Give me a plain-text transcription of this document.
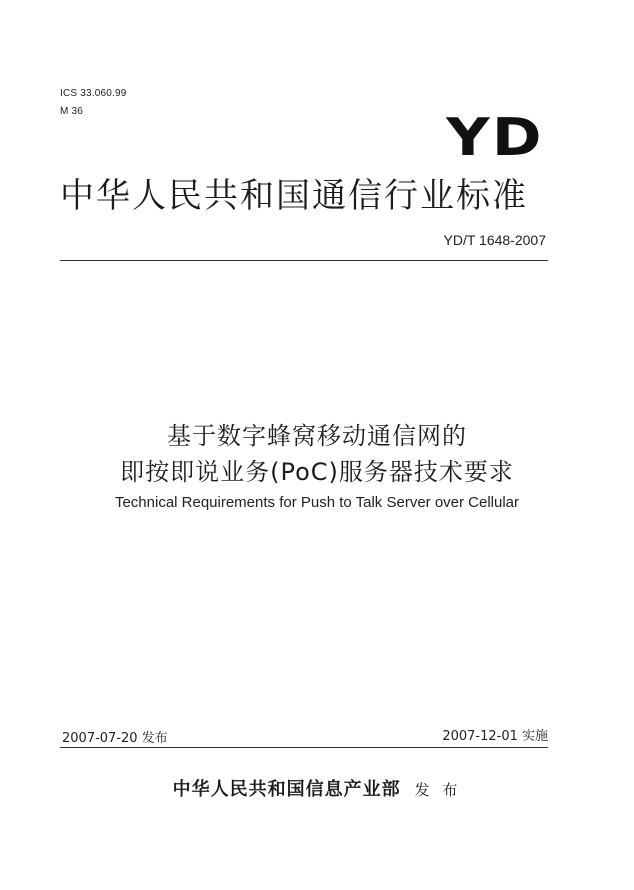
ICS 33.060.99
M 36	YD
中华人民共和国通信行业标准
YD/T 1648-2007
基于数字蜂窝移动通信网的
即按即说业务(PoC)服务器技术要求
Technical Requirements for Push to Talk Server over Cellular
2007-07-20 发布	2007-12-01 实施
中华人民共和国信息产业部 发 布
